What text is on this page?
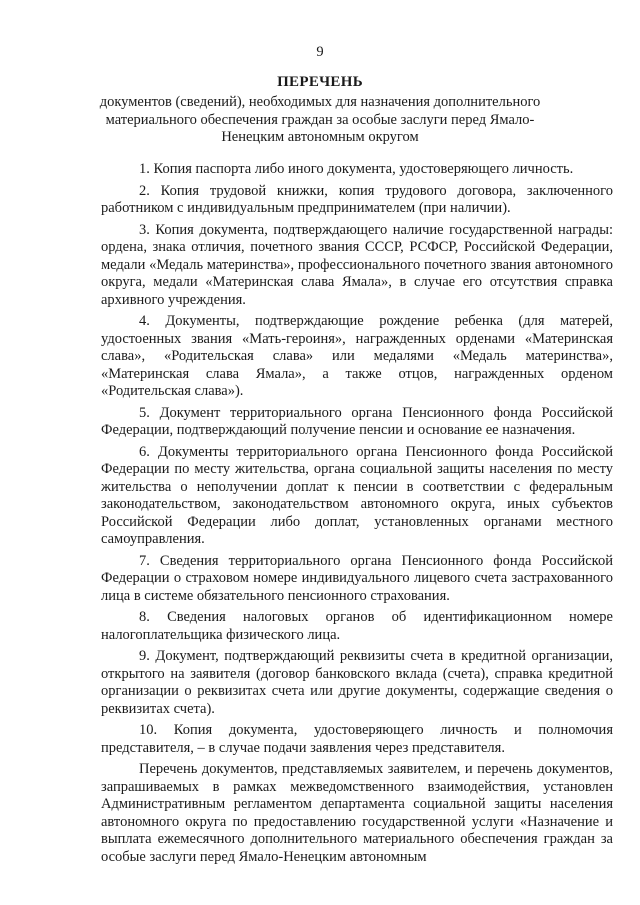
9
ПЕРЕЧЕНЬ
документов (сведений), необходимых для назначения дополнительного материального обеспечения граждан за особые заслуги перед Ямало-Ненецким автономным округом

1. Копия паспорта либо иного документа, удостоверяющего личность.

2. Копия трудовой книжки, копия трудового договора, заключенного работником с индивидуальным предпринимателем (при наличии).

3. Копия документа, подтверждающего наличие государственной награды: ордена, знака отличия, почетного звания СССР, РСФСР, Российской Федерации, медали «Медаль материнства», профессионального почетного звания автономного округа, медали «Материнская слава Ямала», в случае его отсутствия справка архивного учреждения.

4. Документы, подтверждающие рождение ребенка (для матерей, удостоенных звания «Мать-героиня», награжденных орденами «Материнская слава», «Родительская слава» или медалями «Медаль материнства», «Материнская слава Ямала», а также отцов, награжденных орденом «Родительская слава»).

5. Документ территориального органа Пенсионного фонда Российской Федерации, подтверждающий получение пенсии и основание ее назначения.

6. Документы территориального органа Пенсионного фонда Российской Федерации по месту жительства, органа социальной защиты населения по месту жительства о неполучении доплат к пенсии в соответствии с федеральным законодательством, законодательством автономного округа, иных субъектов Российской Федерации либо доплат, установленных органами местного самоуправления.

7. Сведения территориального органа Пенсионного фонда Российской Федерации о страховом номере индивидуального лицевого счета застрахованного лица в системе обязательного пенсионного страхования.

8. Сведения налоговых органов об идентификационном номере налогоплательщика физического лица.

9. Документ, подтверждающий реквизиты счета в кредитной организации, открытого на заявителя (договор банковского вклада (счета), справка кредитной организации о реквизитах счета или другие документы, содержащие сведения о реквизитах счета).

10. Копия документа, удостоверяющего личность и полномочия представителя, – в случае подачи заявления через представителя.

Перечень документов, представляемых заявителем, и перечень документов, запрашиваемых в рамках межведомственного взаимодействия, установлен Административным регламентом департамента социальной защиты населения автономного округа по предоставлению государственной услуги «Назначение и выплата ежемесячного дополнительного материального обеспечения граждан за особые заслуги перед Ямало-Ненецким автономным
